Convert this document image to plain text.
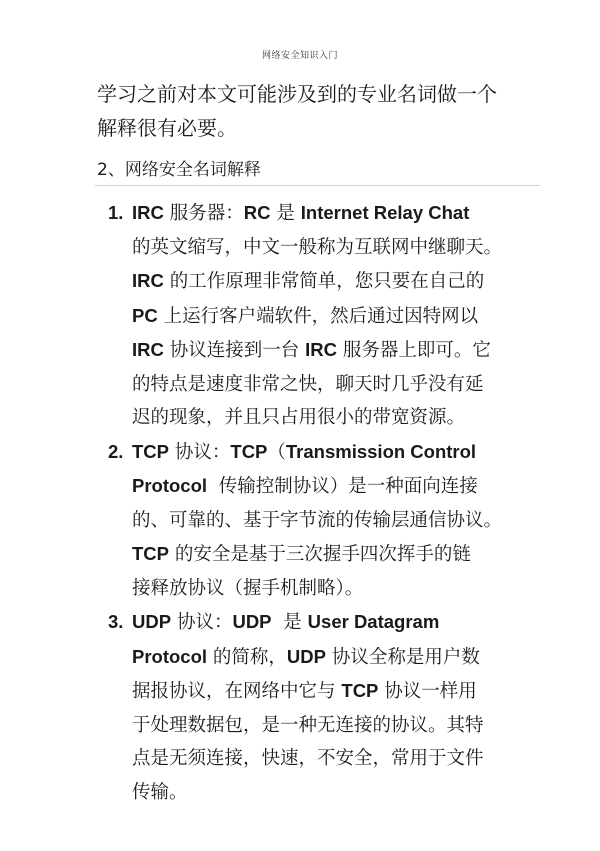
网络安全知识入门
学习之前对本文可能涉及到的专业名词做一个
解释很有必要。
2、网络安全名词解释
1. IRC 服务器：RC 是 Internet Relay Chat
的英文缩写，中文一般称为互联网中继聊天。
IRC 的工作原理非常简单，您只要在自己的
PC 上运行客户端软件，然后通过因特网以
IRC 协议连接到一台 IRC 服务器上即可。它
的特点是速度非常之快，聊天时几乎没有延
迟的现象，并且只占用很小的带宽资源。
2. TCP 协议：TCP（Transmission Control
Protocol  传输控制协议）是一种面向连接
的、可靠的、基于字节流的传输层通信协议。
TCP 的安全是基于三次握手四次挥手的链
接释放协议（握手机制略）。
3. UDP 协议：UDP  是 User Datagram
Protocol 的简称，UDP 协议全称是用户数
据报协议，在网络中它与 TCP 协议一样用
于处理数据包，是一种无连接的协议。其特
点是无须连接，快速，不安全，常用于文件
传输。
